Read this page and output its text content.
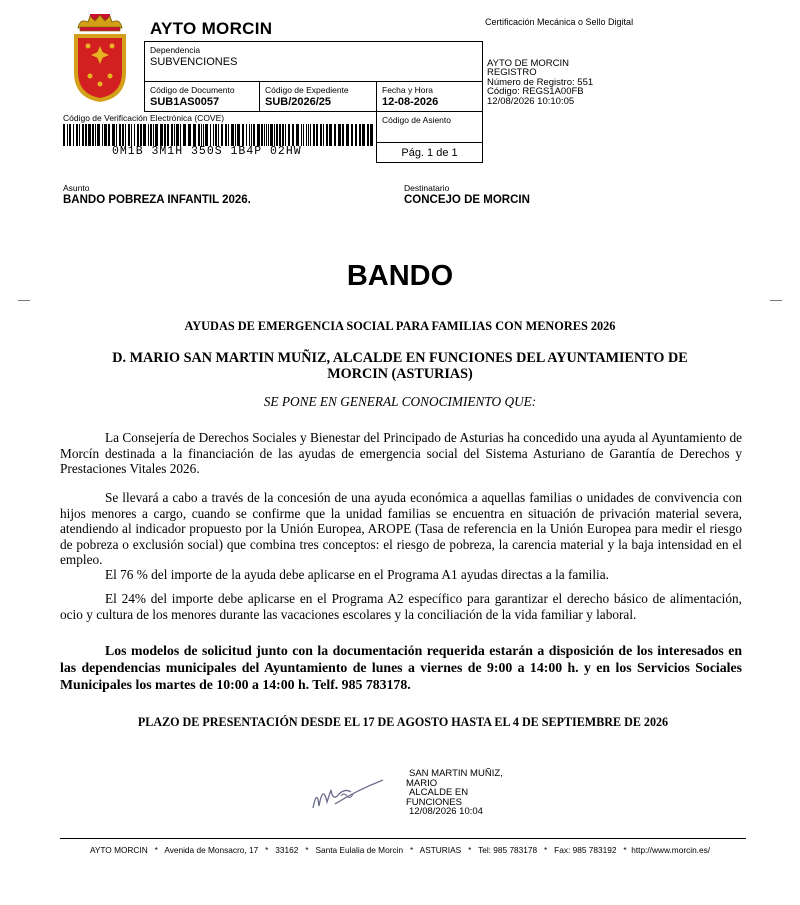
AYTO MORCIN	Certificación Mecánica o Sello Digital
Dependencia
SUBVENCIONES
Código de Documento
SUB1AS0057
Código de Expediente
SUB/2026/25
Fecha y Hora
12-08-2026
Código de Asiento
Pág. 1 de 1
Código de Verificación Electrónica (COVE)
0M1B 3M1H 350S 1B4P 02HW
AYTO DE MORCIN
REGISTRO
Número de Registro: 551
Código: REGS1A00FB
12/08/2026 10:10:05
Asunto
BANDO POBREZA INFANTIL 2026.
Destinatario
CONCEJO DE MORCIN
BANDO
AYUDAS DE EMERGENCIA SOCIAL PARA FAMILIAS CON MENORES 2026
D. MARIO SAN MARTIN MUÑIZ, ALCALDE EN FUNCIONES DEL AYUNTAMIENTO DE
MORCIN (ASTURIAS)
SE PONE EN GENERAL CONOCIMIENTO QUE:

La Consejería de Derechos Sociales y Bienestar del Principado de Asturias ha concedido una ayuda al Ayuntamiento de Morcín destinada a la financiación de las ayudas de emergencia social del Sistema Asturiano de Garantía de Derechos y Prestaciones Vitales 2026.

Se llevará a cabo a través de la concesión de una ayuda económica a aquellas familias o unidades de convivencia con hijos menores a cargo, cuando se confirme que la unidad familias se encuentra en situación de privación material severa, atendiendo al indicador propuesto por la Unión Europea, AROPE (Tasa de referencia en la Unión Europea para medir el riesgo de pobreza o exclusión social) que combina tres conceptos: el riesgo de pobreza, la carencia material y la baja intensidad en el empleo.

El 76 % del importe de la ayuda debe aplicarse en el Programa A1 ayudas directas a la familia.

El 24% del importe debe aplicarse en el Programa A2 específico para garantizar el derecho básico de alimentación, ocio y cultura de los menores durante las vacaciones escolares y la conciliación de la vida familiar y laboral.

Los modelos de solicitud junto con la documentación requerida estarán a disposición de los interesados en las dependencias municipales del Ayuntamiento de lunes a viernes de 9:00 a 14:00 h. y en los Servicios Sociales Municipales los martes de 10:00 a 14:00 h. Telf. 985 783178.

PLAZO DE PRESENTACIÓN DESDE EL 17 DE AGOSTO HASTA EL 4 DE SEPTIEMBRE DE 2026
SAN MARTIN MUÑIZ,
MARIO
ALCALDE EN
FUNCIONES
12/08/2026 10:04
AYTO MORCIN   *   Avenida de Monsacro, 17   *   33162   *   Santa Eulalia de Morcin   *   ASTURIAS   *   Tel: 985 783178   *   Fax: 985 783192   *  http://www.morcin.es/
